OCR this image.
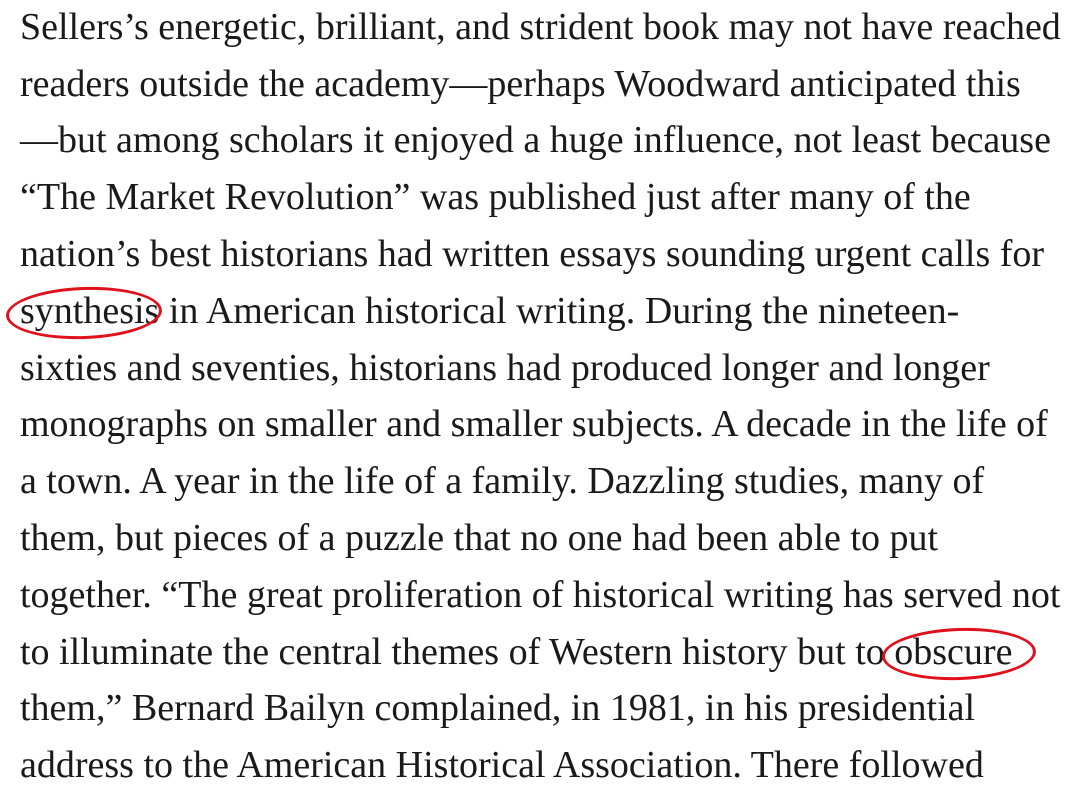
Sellers’s energetic, brilliant, and strident book may not have reached
readers outside the academy—perhaps Woodward anticipated this
—but among scholars it enjoyed a huge influence, not least because
“The Market Revolution” was published just after many of the
nation’s best historians had written essays sounding urgent calls for
synthesis
in American historical writing. During the nineteen-
sixties and seventies, historians had produced longer and longer
monographs on smaller and smaller subjects. A decade in the life of
a town. A year in the life of a family. Dazzling studies, many of
them, but pieces of a puzzle that no one had been able to put
together. “The great proliferation of historical writing has served not
to illuminate the central themes of Western history but to obscure
them,” Bernard Bailyn complained, in 1981, in his presidential
address to the American Historical Association. There followed
